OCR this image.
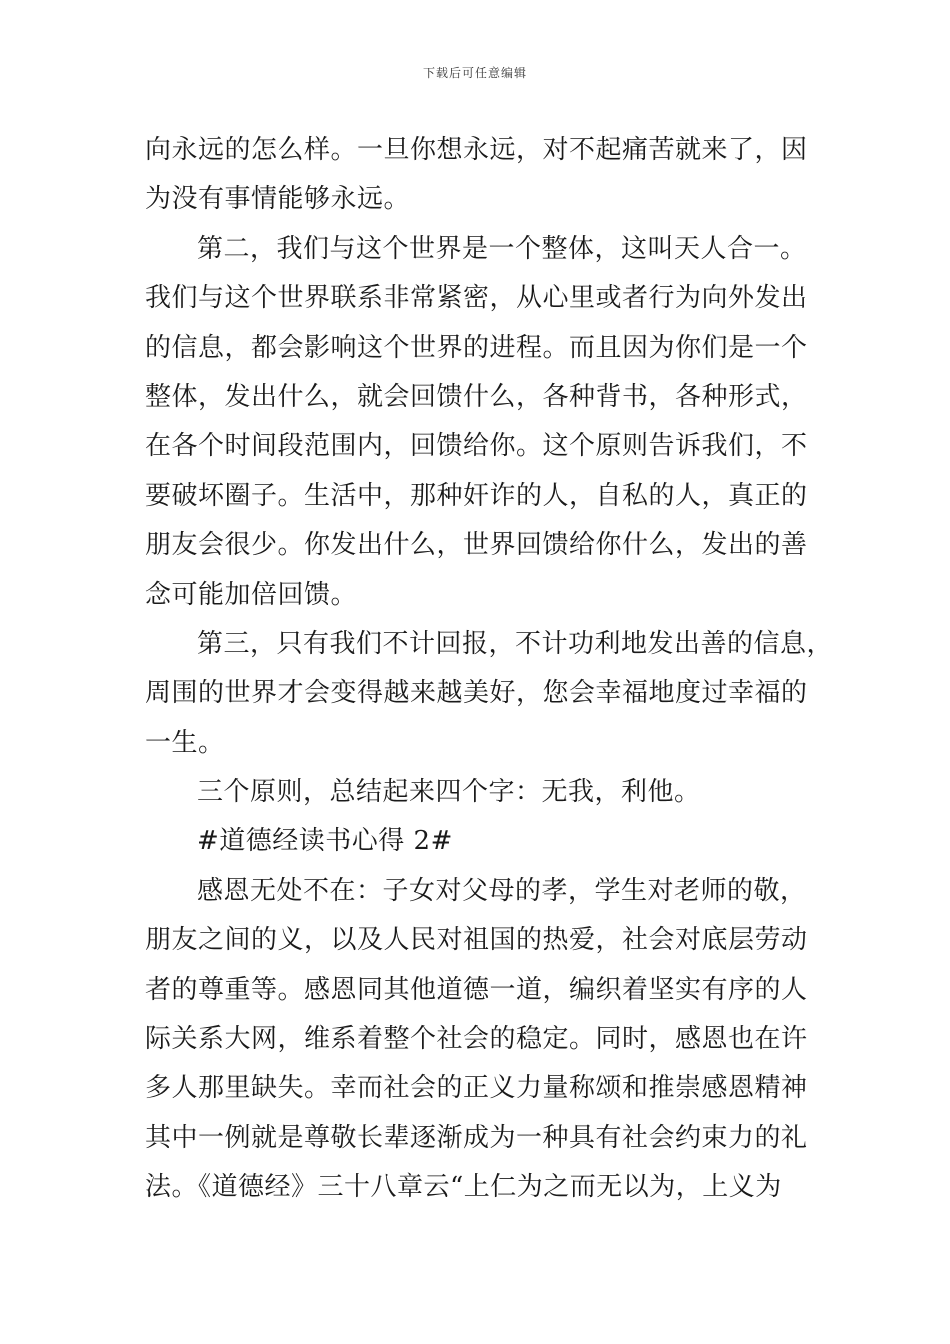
下载后可任意编辑
向永远的怎么样。一旦你想永远，对不起痛苦就来了，因
为没有事情能够永远。
第二，我们与这个世界是一个整体，这叫天人合一。
我们与这个世界联系非常紧密，从心里或者行为向外发出
的信息，都会影响这个世界的进程。而且因为你们是一个
整体，发出什么，就会回馈什么，各种背书，各种形式，
在各个时间段范围内，回馈给你。这个原则告诉我们，不
要破坏圈子。生活中，那种奸诈的人，自私的人，真正的
朋友会很少。你发出什么，世界回馈给你什么，发出的善
念可能加倍回馈。
第三，只有我们不计回报，不计功利地发出善的信息，
周围的世界才会变得越来越美好，您会幸福地度过幸福的
一生。
三个原则，总结起来四个字：无我，利他。
#道德经读书心得 2#
感恩无处不在：子女对父母的孝，学生对老师的敬，
朋友之间的义，以及人民对祖国的热爱，社会对底层劳动
者的尊重等。感恩同其他道德一道，编织着坚实有序的人
际关系大网，维系着整个社会的稳定。同时，感恩也在许
多人那里缺失。幸而社会的正义力量称颂和推崇感恩精神
其中一例就是尊敬长辈逐渐成为一种具有社会约束力的礼
法。《道德经》三十八章云“上仁为之而无以为，上义为
